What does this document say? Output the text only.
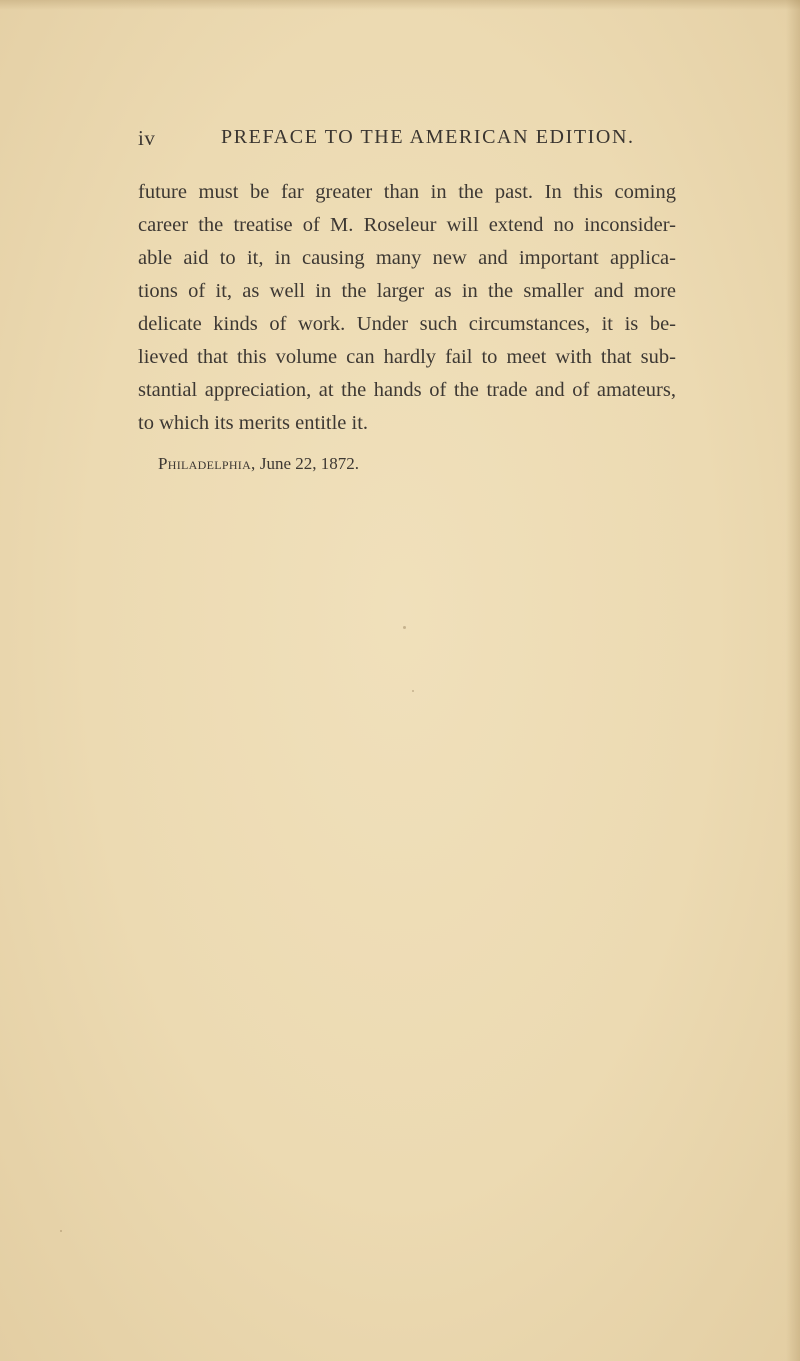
iv	PREFACE TO THE AMERICAN EDITION.
future must be far greater than in the past. In this coming
career the treatise of M. Roseleur will extend no inconsider-
able aid to it, in causing many new and important applica-
tions of it, as well in the larger as in the smaller and more
delicate kinds of work. Under such circumstances, it is be-
lieved that this volume can hardly fail to meet with that sub-
stantial appreciation, at the hands of the trade and of amateurs,
to which its merits entitle it.
Philadelphia, June 22, 1872.
